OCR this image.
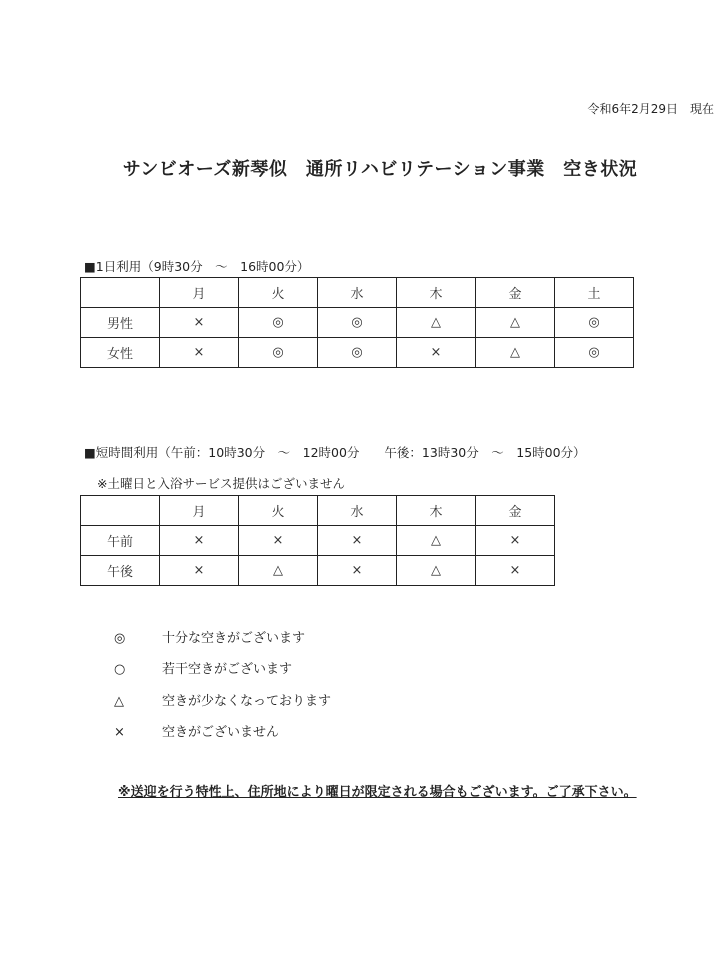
令和6年2月29日　現在
サンビオーズ新琴似　通所リハビリテーション事業　空き状況
■1日利用（9時30分　～　16時00分）
	月	火	水	木	金	土
男性	×	◎	◎	△	△	◎
女性	×	◎	◎	×	△	◎
■短時間利用（午前：10時30分　～　12時00分　　午後：13時30分　～　15時00分）
※土曜日と入浴サービス提供はございません
	月	火	水	木	金
午前	×	×	×	△	×
午後	×	△	×	△	×
◎	十分な空きがございます
○	若干空きがございます
△	空きが少なくなっております
×	空きがございません
※送迎を行う特性上、住所地により曜日が限定される場合もございます。ご了承下さい。
